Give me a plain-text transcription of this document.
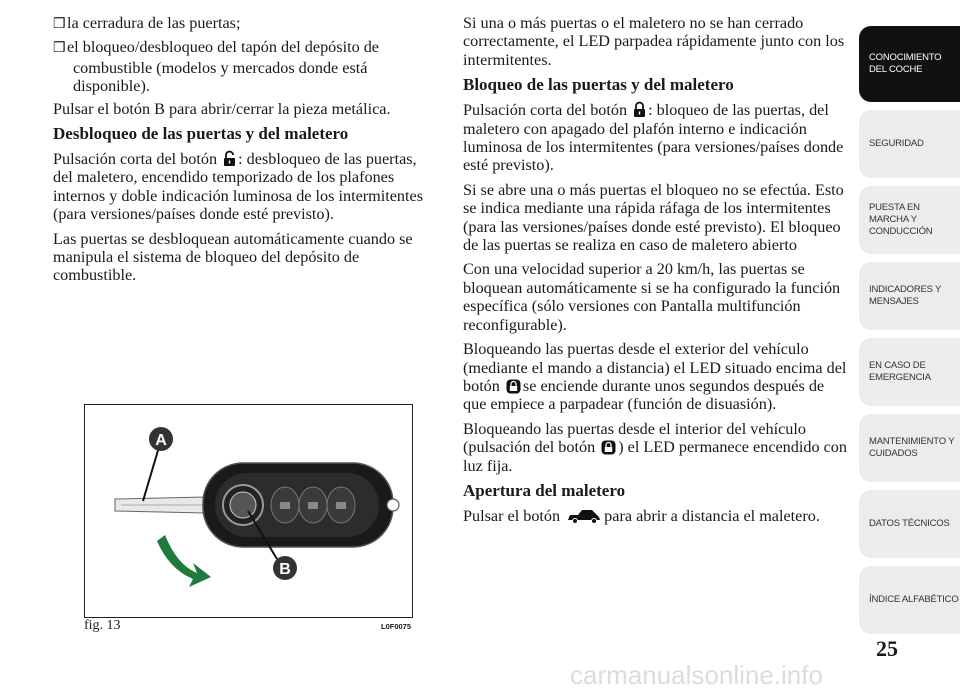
❒la cerradura de las puertas;

❒el bloqueo/desbloqueo del tapón del depósito de combustible (modelos y mercados donde está disponible).

Pulsar el botón B para abrir/cerrar la pieza metálica.

Desbloqueo de las puertas y del maletero

Pulsación corta del botón : desbloqueo de las puertas, del maletero, encendido temporizado de los plafones internos y doble indicación luminosa de los intermitentes (para versiones/países donde esté previsto).

Las puertas se desbloquean automáticamente cuando se manipula el sistema de bloqueo del depósito de combustible.

Si una o más puertas o el maletero no se han cerrado correctamente, el LED parpadea rápidamente junto con los intermitentes.

Bloqueo de las puertas y del maletero

Pulsación corta del botón : bloqueo de las puertas, del maletero con apagado del plafón interno e indicación luminosa de los intermitentes (para versiones/países donde esté previsto).

Si se abre una o más puertas el bloqueo no se efectúa. Esto se indica mediante una rápida ráfaga de los intermitentes (para las versiones/países donde esté previsto). El bloqueo de las puertas se realiza en caso de maletero abierto

Con una velocidad superior a 20 km/h, las puertas se bloquean automáticamente si se ha configurado la función específica (sólo versiones con Pantalla multifunción reconfigurable).

Bloqueando las puertas desde el exterior del vehículo (mediante el mando a distancia) el LED situado encima del botón se enciende durante unos segundos después de que empiece a parpadear (función de disuasión).

Bloqueando las puertas desde el interior del vehículo (pulsación del botón ) el LED permanece encendido con luz fija.

Apertura del maletero

Pulsar el botón	para abrir a distancia el maletero.

A
B
fig. 13	L0F0075
CONOCIMIENTO DEL COCHE
SEGURIDAD
PUESTA EN MARCHA Y CONDUCCIÓN
INDICADORES Y MENSAJES
EN CASO DE EMERGENCIA
MANTENIMIENTO Y CUIDADOS
DATOS TÉCNICOS
ÍNDICE ALFABÉTICO
25
carmanualsonline.info
